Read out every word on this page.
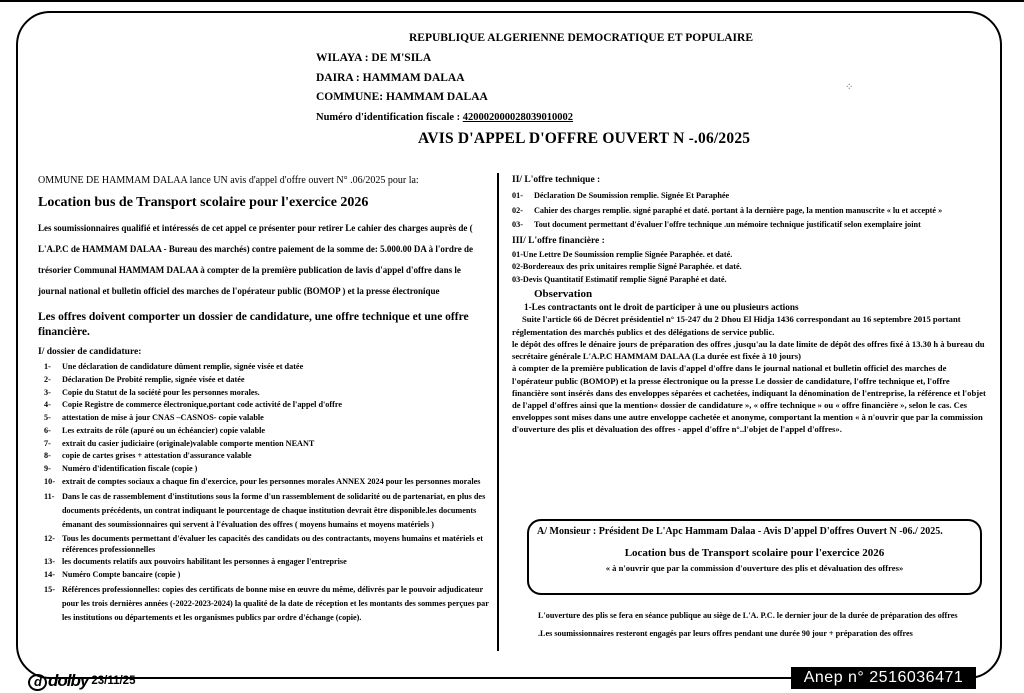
⁘
REPUBLIQUE ALGERIENNE DEMOCRATIQUE ET POPULAIRE
WILAYA : DE M'SILA
DAIRA : HAMMAM DALAA
COMMUNE: HAMMAM DALAA
Numéro d'identification fiscale : 420002000028039010002
AVIS D'APPEL D'OFFRE OUVERT N -.06/2025

OMMUNE DE HAMMAM DALAA lance UN avis d'appel d'offre ouvert N° .06/2025 pour la:

Location bus de Transport scolaire pour l'exercice 2026

Les soumissionnaires qualifié et intéressés de cet appel ce présenter pour retirer Le cahier des charges auprès de ( L'A.P.C de HAMMAM DALAA - Bureau des marchés) contre paiement de la somme de: 5.000.00 DA à l'ordre de trésorier Communal HAMMAM DALAA à compter de la première publication de lavis d'appel d'offre dans le journal national et bulletin officiel des marches de l'opérateur public (BOMOP ) et la presse électronique

Les offres doivent comporter un dossier de candidature, une offre technique et une offre financière.

I/ dossier de candidature:

1-	Une déclaration de candidature dûment remplie, signée visée et datée
2-	Déclaration De Probité remplie, signée visée et datée
3-	Copie du Statut de la société pour les personnes morales.
4-	Copie Registre de commerce électronique,portant code activité de l'appel d'offre
5-	attestation de mise à jour CNAS –CASNOS- copie valable
6-	Les extraits de rôle (apuré ou un échéancier) copie valable
7-	extrait du casier judiciaire (originale)valable comporte mention NEANT
8-	copie de cartes grises + attestation d'assurance valable
9-	Numéro d'identification fiscale (copie )
10- extrait de comptes sociaux a chaque fin d'exercice, pour les personnes morales ANNEX 2024 pour les personnes morales
11- Dans le cas de rassemblement d'institutions sous la forme d'un rassemblement de solidarité ou de partenariat, en plus des documents précédents, un contrat indiquant le pourcentage de chaque institution devrait être disponible.les documents émanant des soumissionnaires qui servent à l'évaluation des offres ( moyens humains et moyens matériels )
12- Tous les documents permettant d'évaluer les capacités des candidats ou des contractants, moyens humains et matériels et références professionnelles
13- les documents relatifs aux pouvoirs habilitant les personnes à engager l'entreprise
14- Numéro Compte bancaire (copie )
15- Références professionnelles: copies des certificats de bonne mise en œuvre du même, délivrés par le pouvoir adjudicateur pour les trois dernières années (-2022-2023-2024) la qualité de la date de réception et les montants des sommes perçues par les institutions ou départements et les organismes publics par ordre d'échange (copie).

II/ L'offre technique :

01-	Déclaration De Soumission remplie. Signée Et Paraphée
02-	Cahier des charges remplie. signé paraphé et daté. portant à la dernière page, la mention manuscrite « lu et accepté »
03-	Tout document permettant d'évaluer l'offre technique .un mémoire technique justificatif selon exemplaire joint

III/ L'offre financière :

01-Une Lettre De Soumission remplie Signée Paraphée. et daté.
02-Bordereaux des prix unitaires remplie Signé Paraphée. et daté.
03-Devis Quantitatif Estimatif remplie Signé Paraphé et daté.

Observation

1-Les contractants ont le droit de participer à une ou plusieurs actions

Suite l'article 66 de Décret présidentiel n° 15-247 du 2 Dhou El Hidja 1436 correspondant au 16 septembre 2015 portant réglementation des marchés publics et des délégations de service public.

le dépôt des offres le dénaire jours de préparation des offres ,jusqu'au la date limite de dépôt des offres fixé à 13.30 h à bureau du secrétaire générale L'A.P.C HAMMAM DALAA (La durée est fixée à 10 jours)

à compter de la première publication de lavis d'appel d'offre dans le journal national et bulletin officiel des marches de l'opérateur public (BOMOP) et la presse électronique ou la presse Le dossier de candidature, l'offre technique et, l'offre financière sont insérés dans des enveloppes séparées et cachetées, indiquant la dénomination de l'entreprise, la référence et l'objet de l'appel d'offres ainsi que la mention« dossier de candidature », « offre technique » ou « offre financière », selon le cas. Ces enveloppes sont mises dans une autre enveloppe cachetée et anonyme, comportant la mention « à n'ouvrir que par la commission d'ouverture des plis et dévaluation des offres - appel d'offre n°..l'objet de l'appel d'offres».

A/ Monsieur : Président De L'Apc Hammam Dalaa - Avis D'appel D'offres Ouvert N -06./ 2025.
Location bus de Transport scolaire pour l'exercice 2026
« à n'ouvrir que par la commission d'ouverture des plis et dévaluation des offres»
L'ouverture des plis se fera en séance publique au siège de L'A. P.C. le dernier jour de la durée de préparation des offres
.Les soumissionnaires resteront engagés par leurs offres pendant une durée 90 jour + préparation des offres
d dolby 23/11/25	Anep n° 2516036471
